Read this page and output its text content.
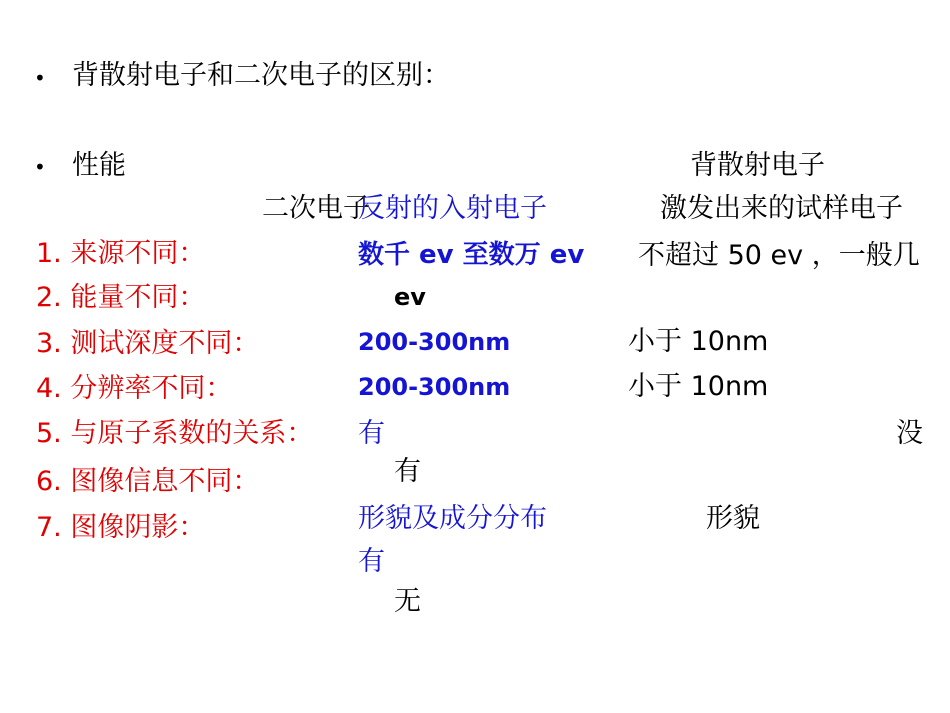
•
•
背散射电子和二次电子的区别：
性能	背散射电子
二次电子
1. 来源不同：
2. 能量不同：
3. 测试深度不同：
4. 分辨率不同：
5. 与原子系数的关系：
6. 图像信息不同：
7. 图像阴影：
反射的入射电子
数千 ev 至数万 ev
200-300nm
200-300nm
有
形貌及成分分布
有
激发出来的试样电子
不超过 50 ev ，一般几
ev
小于 10nm
小于 10nm
没
有
形貌
无
